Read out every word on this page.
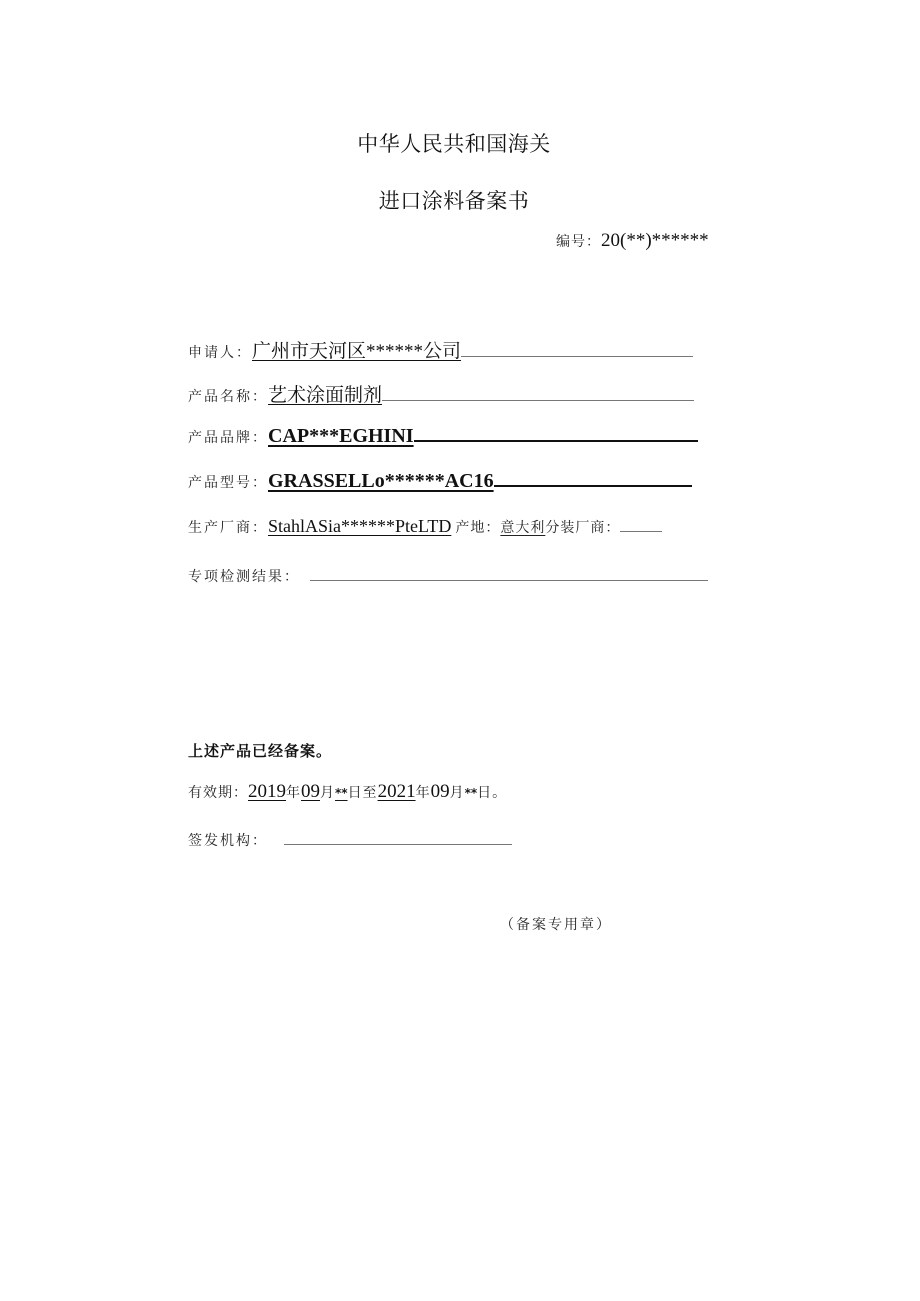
中华人民共和国海关
进口涂料备案书
编号： 20(**)******
申请人： 广州市天河区******公司
产品名称： 艺术涂面制剂
产品品牌： CAP***EGHINI
产品型号： GRASSELLo******AC16
生产厂商： StahlASia******PteLTD 产地： 意大利 分装厂商：
专项检测结果：
上述产品已经备案。
有效期： 2019 年 09 月 ** 日至 2021 年 09 月 ** 日。
签发机构：
（备案专用章）
